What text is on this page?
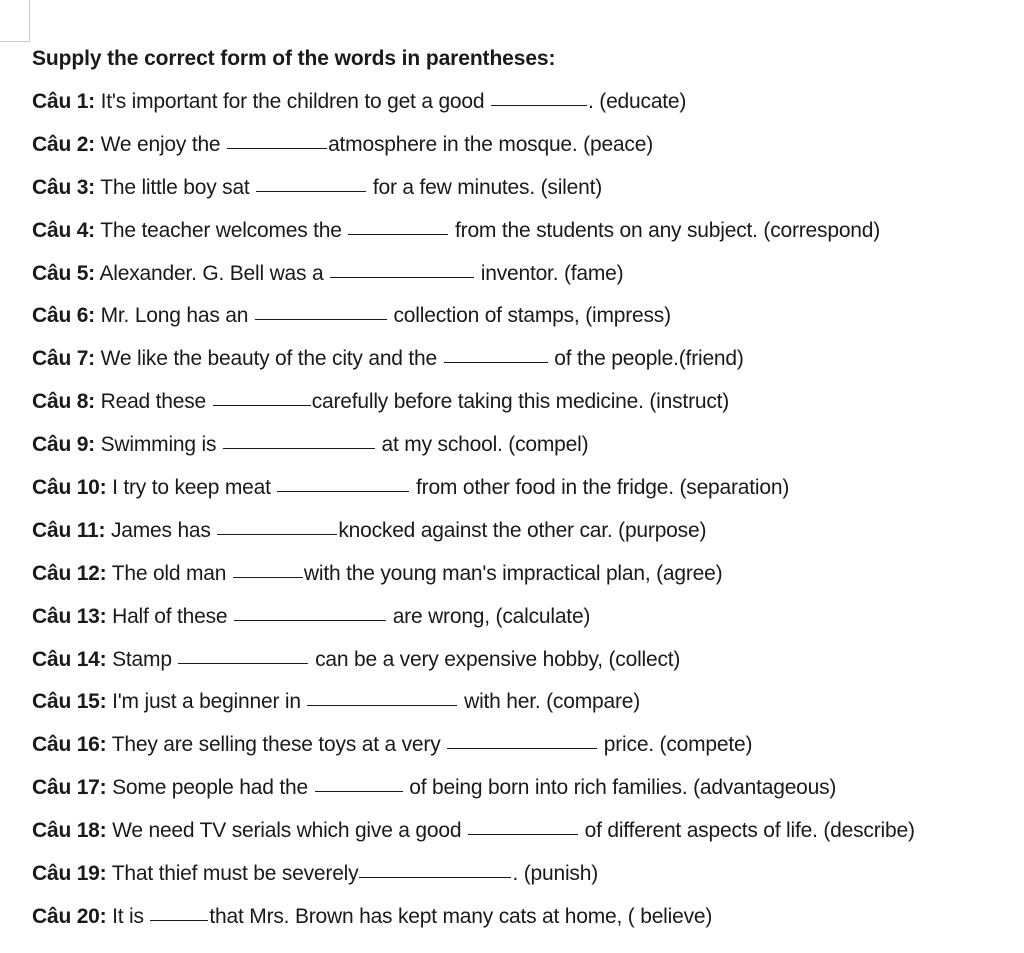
Supply the correct form of the words in parentheses:
Câu 1: It's important for the children to get a good	. (educate)
Câu 2: We enjoy the	atmosphere in the mosque. (peace)
Câu 3: The little boy sat	for a few minutes. (silent)
Câu 4: The teacher welcomes the	from the students on any subject. (correspond)
Câu 5: Alexander. G. Bell was a	inventor. (fame)
Câu 6: Mr. Long has an	collection of stamps, (impress)
Câu 7: We like the beauty of the city and the	of the people.(friend)
Câu 8: Read these	carefully before taking this medicine. (instruct)
Câu 9: Swimming is	at my school. (compel)
Câu 10: I try to keep meat	from other food in the fridge. (separation)
Câu 11: James has	knocked against the other car. (purpose)
Câu 12: The old man	with the young man's impractical plan, (agree)
Câu 13: Half of these	are wrong, (calculate)
Câu 14: Stamp	can be a very expensive hobby, (collect)
Câu 15: I'm just a beginner in	with her. (compare)
Câu 16: They are selling these toys at a very	price. (compete)
Câu 17: Some people had the	of being born into rich families. (advantageous)
Câu 18: We need TV serials which give a good	of different aspects of life. (describe)
Câu 19: That thief must be severely	. (punish)
Câu 20: It is	that Mrs. Brown has kept many cats at home, ( believe)
